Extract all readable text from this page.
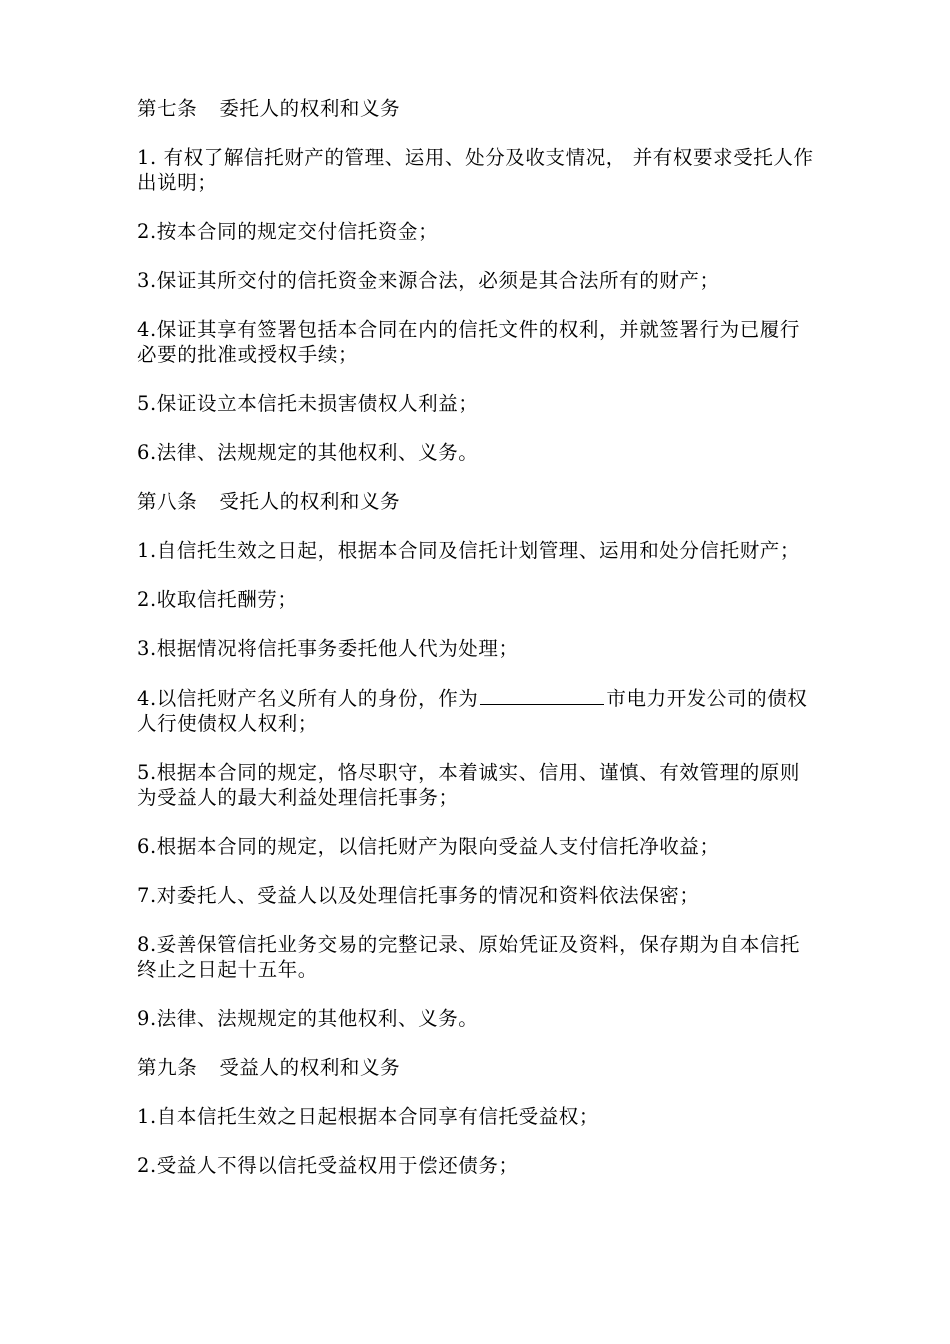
第七条 委托人的权利和义务

1. 有权了解信托财产的管理、运用、处分及收支情况， 并有权要求受托人作出说明；

2.按本合同的规定交付信托资金；

3.保证其所交付的信托资金来源合法，必须是其合法所有的财产；

4.保证其享有签署包括本合同在内的信托文件的权利，并就签署行为已履行必要的批准或授权手续；

5.保证设立本信托未损害债权人利益；

6.法律、法规规定的其他权利、义务。

第八条 受托人的权利和义务

1.自信托生效之日起，根据本合同及信托计划管理、运用和处分信托财产；

2.收取信托酬劳；

3.根据情况将信托事务委托他人代为处理；

4.以信托财产名义所有人的身份，作为	市电力开发公司的债权人行使债权人权利；

5.根据本合同的规定，恪尽职守，本着诚实、信用、谨慎、有效管理的原则为受益人的最大利益处理信托事务；

6.根据本合同的规定，以信托财产为限向受益人支付信托净收益；

7.对委托人、受益人以及处理信托事务的情况和资料依法保密；

8.妥善保管信托业务交易的完整记录、原始凭证及资料，保存期为自本信托终止之日起十五年。

9.法律、法规规定的其他权利、义务。

第九条 受益人的权利和义务

1.自本信托生效之日起根据本合同享有信托受益权；

2.受益人不得以信托受益权用于偿还债务；
